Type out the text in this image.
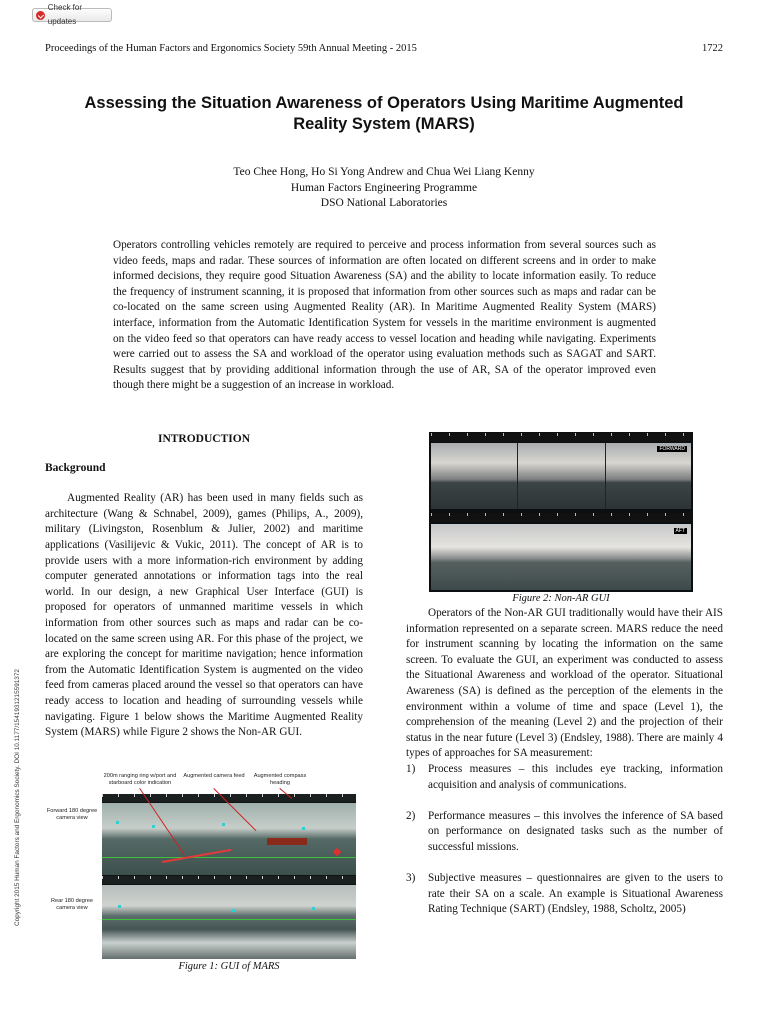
Check for updates
Proceedings of the Human Factors and Ergonomics Society 59th Annual Meeting - 2015	1722
Assessing the Situation Awareness of Operators Using Maritime Augmented Reality System (MARS)
Teo Chee Hong, Ho Si Yong Andrew and Chua Wei Liang Kenny
Human Factors Engineering Programme
DSO National Laboratories

Operators controlling vehicles remotely are required to perceive and process information from several sources such as video feeds, maps and radar. These sources of information are often located on different screens and in order to make informed decisions, they require good Situation Awareness (SA) and the ability to locate information easily. To reduce the frequency of instrument scanning, it is proposed that information from other sources such as maps and radar can be co-located on the same screen using Augmented Reality (AR). In Maritime Augmented Reality System (MARS) interface, information from the Automatic Identification System for vessels in the maritime environment is augmented on the video feed so that operators can have ready access to vessel location and heading while navigating. Experiments were carried out to assess the SA and workload of the operator using evaluation methods such as SAGAT and SART. Results suggest that by providing additional information through the use of AR, SA of the operator improved even though there might be a suggestion of an increase in workload.

Copyright 2015 Human Factors and Ergonomics Society. DOI 10.1177/1541931215591372
INTRODUCTION
Background

Augmented Reality (AR) has been used in many fields such as architecture (Wang & Schnabel, 2009), games (Philips, A., 2009), military (Livingston, Rosenblum & Julier, 2002) and maritime applications (Vasilijevic & Vukic, 2011). The concept of AR is to provide users with a more information-rich environment by adding computer generated annotations or information tags into the real world. In our design, a new Graphical User Interface (GUI) is proposed for operators of unmanned maritime vessels in which information from other sources such as maps and radar can be co-located on the same screen using AR. For this phase of the project, we are exploring the concept for maritime navigation; hence information from the Automatic Identification System is augmented on the video feed from cameras placed around the vessel so that operators can have ready access to location and heading of surrounding vessels while navigating. Figure 1 below shows the Maritime Augmented Reality System (MARS) while Figure 2 shows the Non-AR GUI.

200m ranging ring w/port and starboard color indication
Augmented camera feed	Augmented compass heading
Forward 180 degree camera view
Rear 180 degree camera view
Figure 1: GUI of MARS
FORWARD
AFT
Figure 2: Non-AR GUI

Operators of the Non-AR GUI traditionally would have their AIS information represented on a separate screen. MARS reduce the need for instrument scanning by locating the information on the same screen. To evaluate the GUI, an experiment was conducted to assess the Situational Awareness and workload of the operator. Situational Awareness (SA) is defined as the perception of the elements in the environment within a volume of time and space (Level 1), the comprehension of the meaning (Level 2) and the projection of their status in the near future (Level 3) (Endsley, 1988). There are mainly 4 types of approaches for SA measurement:

1)	Process measures – this includes eye tracking, information acquisition and analysis of communications.
2)	Performance measures – this involves the inference of SA based on performance on designated tasks such as the number of successful missions.
3)	Subjective measures – questionnaires are given to the users to rate their SA on a scale. An example is Situational Awareness Rating Technique (SART) (Endsley, 1988, Scholtz, 2005)
